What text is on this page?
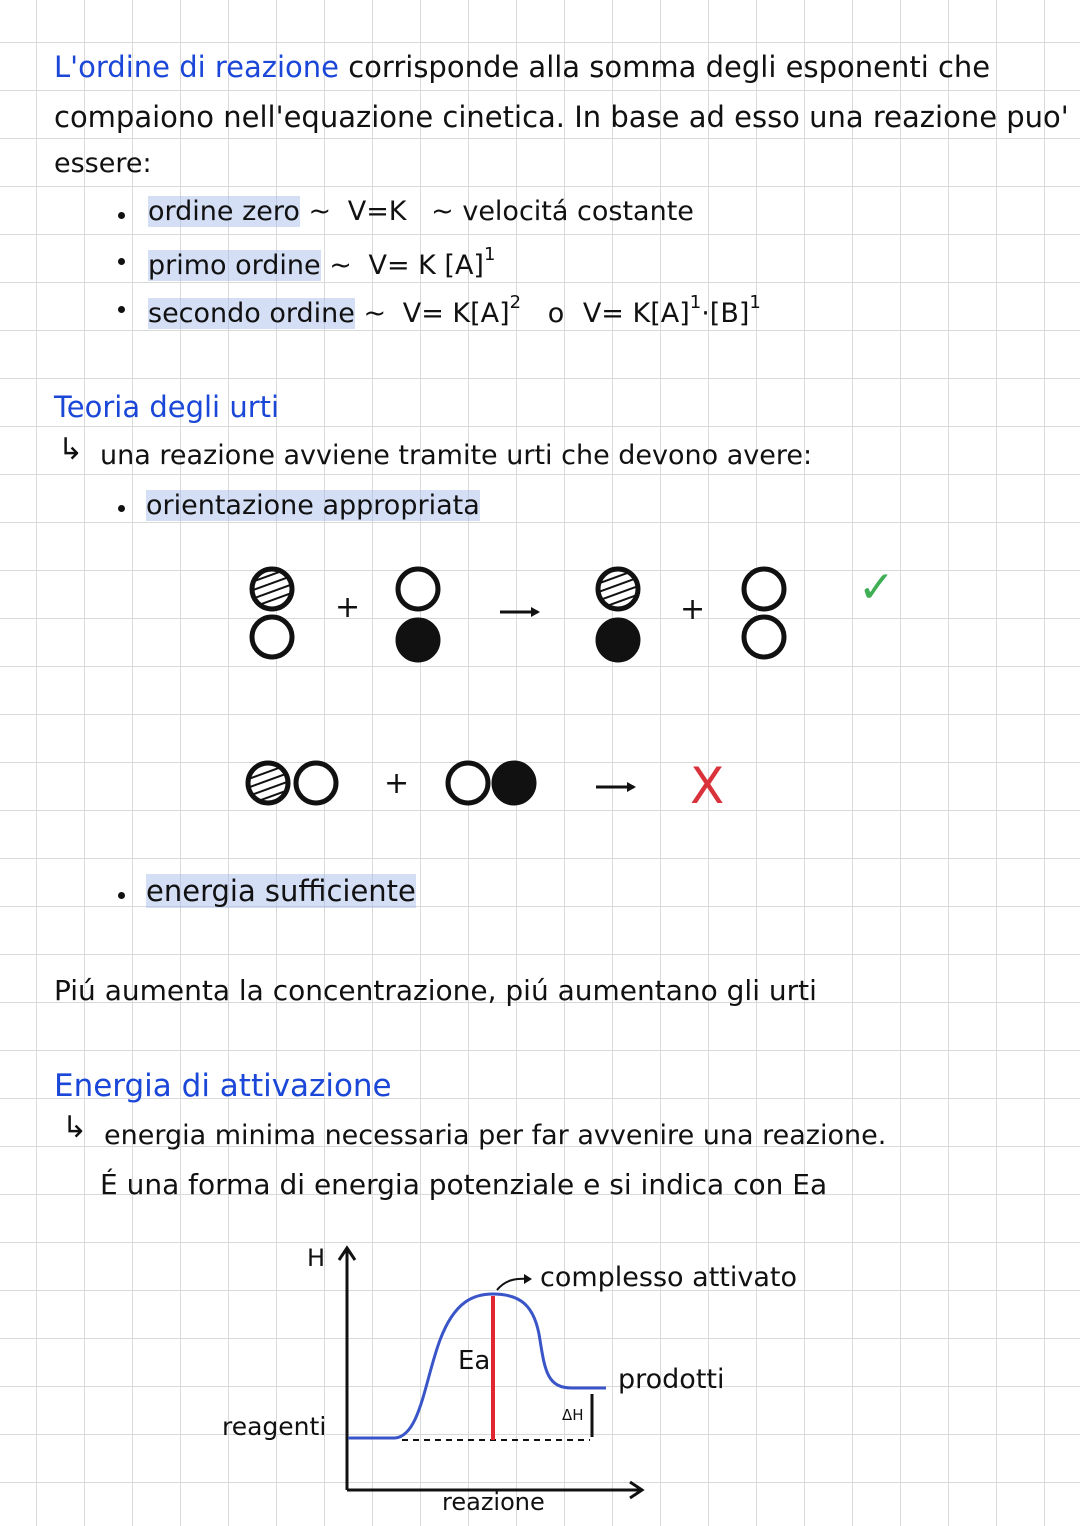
L'ordine di reazione corrisponde alla somma degli esponenti che
compaiono nell'equazione cinetica. In base ad esso una reazione puo'
essere:
ordine zero ~ V=K ~ velocitá costante
primo ordine ~ V= K $[A]^1$
secondo ordine ~ $V= K[A]^2$ o $V= K[A]^1\cdot[B]^1$
Teoria degli urti
↳ una reazione avviene tramite urti che devono avere:
orientazione appropriata
+	+	✓
+	X
energia sufficiente
Piú aumenta la concentrazione, piú aumentano gli urti
Energia di attivazione
↳ energia minima necessaria per far avvenire una reazione.
É una forma di energia potenziale e si indica con Ea
H
complesso attivato
Ea
prodotti
ΔH
reagenti
reazione
